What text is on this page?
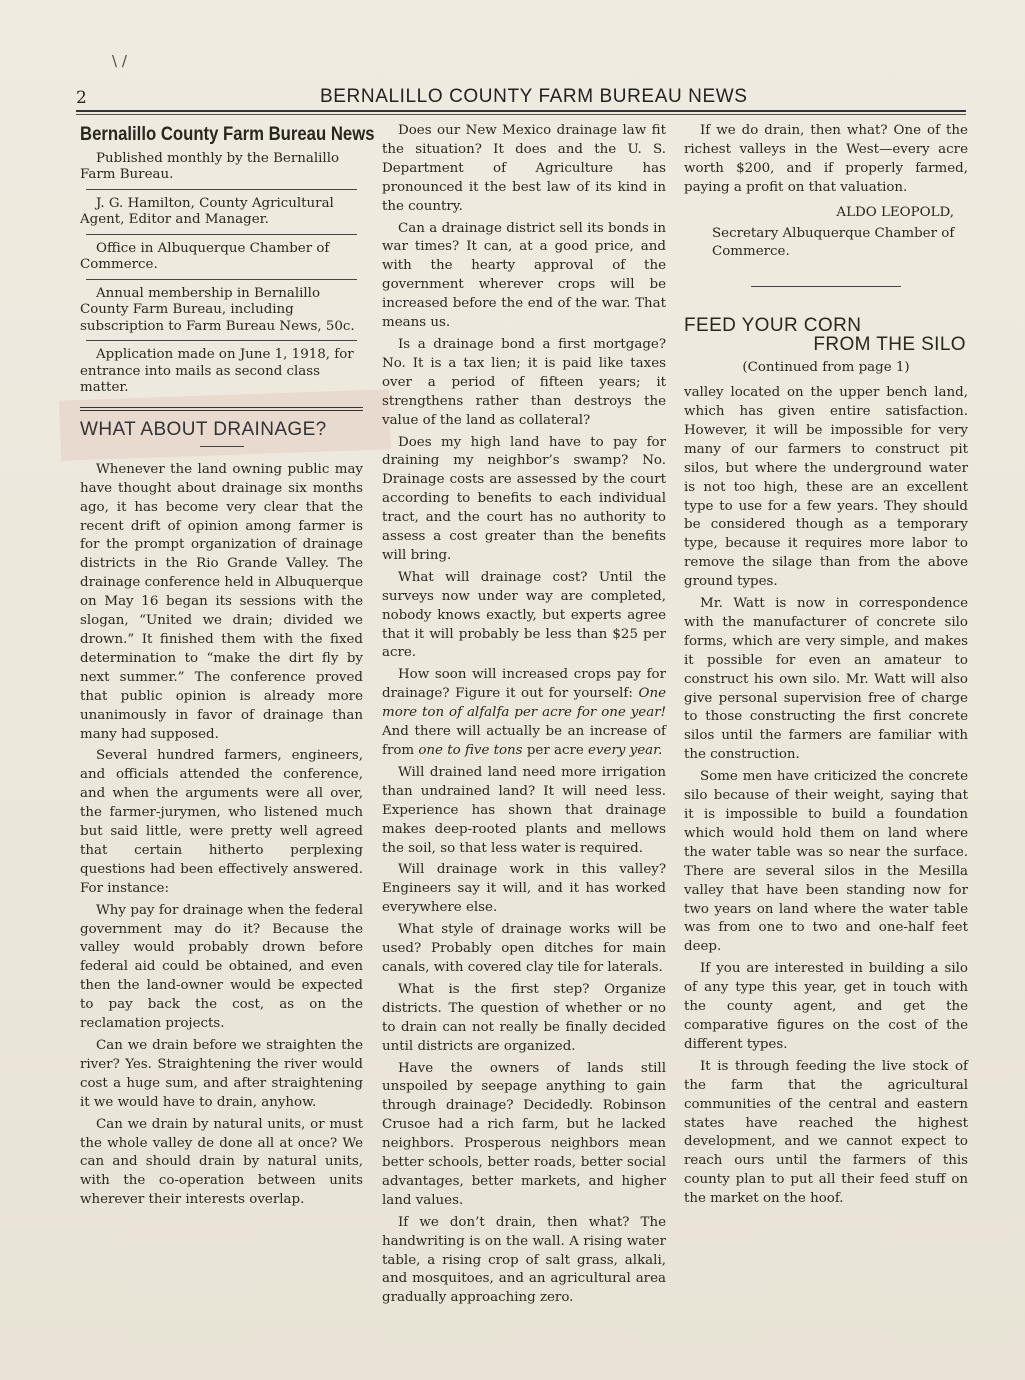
\ /
2	BERNALILLO COUNTY FARM BUREAU NEWS
Bernalillo County Farm Bureau News

Published monthly by the Bernalillo Farm Bureau.

J. G. Hamilton, County Agricultural Agent, Editor and Manager.

Office in Albuquerque Chamber of Commerce.

Annual membership in Bernalillo County Farm Bureau, including subscription to Farm Bureau News, 50c.

Application made on June 1, 1918, for entrance into mails as second class matter.

WHAT ABOUT DRAINAGE?

Whenever the land owning public may have thought about drainage six months ago, it has become very clear that the recent drift of opinion among farmer is for the prompt organization of drainage districts in the Rio Grande Valley. The drainage conference held in Albuquerque on May 16 began its sessions with the slogan, “United we drain; divided we drown.” It finished them with the fixed determination to “make the dirt fly by next summer.” The conference proved that public opinion is already more unanimously in favor of drainage than many had supposed.

Several hundred farmers, engineers, and officials attended the conference, and when the arguments were all over, the farmer-jurymen, who listened much but said little, were pretty well agreed that certain hitherto perplexing questions had been effectively answered. For instance:

Why pay for drainage when the federal government may do it? Because the valley would probably drown before federal aid could be obtained, and even then the land-owner would be expected to pay back the cost, as on the reclamation projects.

Can we drain before we straighten the river? Yes. Straightening the river would cost a huge sum, and after straightening it we would have to drain, anyhow.

Can we drain by natural units, or must the whole valley de done all at once? We can and should drain by natural units, with the co-operation between units wherever their interests overlap.

Does our New Mexico drainage law fit the situation? It does and the U. S. Department of Agriculture has pronounced it the best law of its kind in the country.

Can a drainage district sell its bonds in war times? It can, at a good price, and with the hearty approval of the government wherever crops will be increased before the end of the war. That means us.

Is a drainage bond a first mortgage? No. It is a tax lien; it is paid like taxes over a period of fifteen years; it strengthens rather than destroys the value of the land as collateral?

Does my high land have to pay for draining my neighbor’s swamp? No. Drainage costs are assessed by the court according to benefits to each individual tract, and the court has no authority to assess a cost greater than the benefits will bring.

What will drainage cost? Until the surveys now under way are completed, nobody knows exactly, but experts agree that it will probably be less than $25 per acre.

How soon will increased crops pay for drainage? Figure it out for yourself: One more ton of alfalfa per acre for one year! And there will actually be an increase of from one to five tons per acre every year.

Will drained land need more irrigation than undrained land? It will need less. Experience has shown that drainage makes deep-rooted plants and mellows the soil, so that less water is required.

Will drainage work in this valley? Engineers say it will, and it has worked everywhere else.

What style of drainage works will be used? Probably open ditches for main canals, with covered clay tile for laterals.

What is the first step? Organize districts. The question of whether or no to drain can not really be finally decided until districts are organized.

Have the owners of lands still unspoiled by seepage anything to gain through drainage? Decidedly. Robinson Crusoe had a rich farm, but he lacked neighbors. Prosperous neighbors mean better schools, better roads, better social advantages, better markets, and higher land values.

If we don’t drain, then what? The handwriting is on the wall. A rising water table, a rising crop of salt grass, alkali, and mosquitoes, and an agricultural area gradually approaching zero.

If we do drain, then what? One of the richest valleys in the West—every acre worth $200, and if properly farmed, paying a profit on that valuation.

ALDO LEOPOLD,
Secretary Albuquerque Chamber of Commerce.
FEED YOUR CORN
FROM THE SILO
(Continued from page 1)

valley located on the upper bench land, which has given entire satisfaction. However, it will be impossible for very many of our farmers to construct pit silos, but where the underground water is not too high, these are an excellent type to use for a few years. They should be considered though as a temporary type, because it requires more labor to remove the silage than from the above ground types.

Mr. Watt is now in correspondence with the manufacturer of concrete silo forms, which are very simple, and makes it possible for even an amateur to construct his own silo. Mr. Watt will also give personal supervision free of charge to those constructing the first concrete silos until the farmers are familiar with the construction.

Some men have criticized the concrete silo because of their weight, saying that it is impossible to build a foundation which would hold them on land where the water table was so near the surface. There are several silos in the Mesilla valley that have been standing now for two years on land where the water table was from one to two and one-half feet deep.

If you are interested in building a silo of any type this year, get in touch with the county agent, and get the comparative figures on the cost of the different types.

It is through feeding the live stock of the farm that the agricultural communities of the central and eastern states have reached the highest development, and we cannot expect to reach ours until the farmers of this county plan to put all their feed stuff on the market on the hoof.
